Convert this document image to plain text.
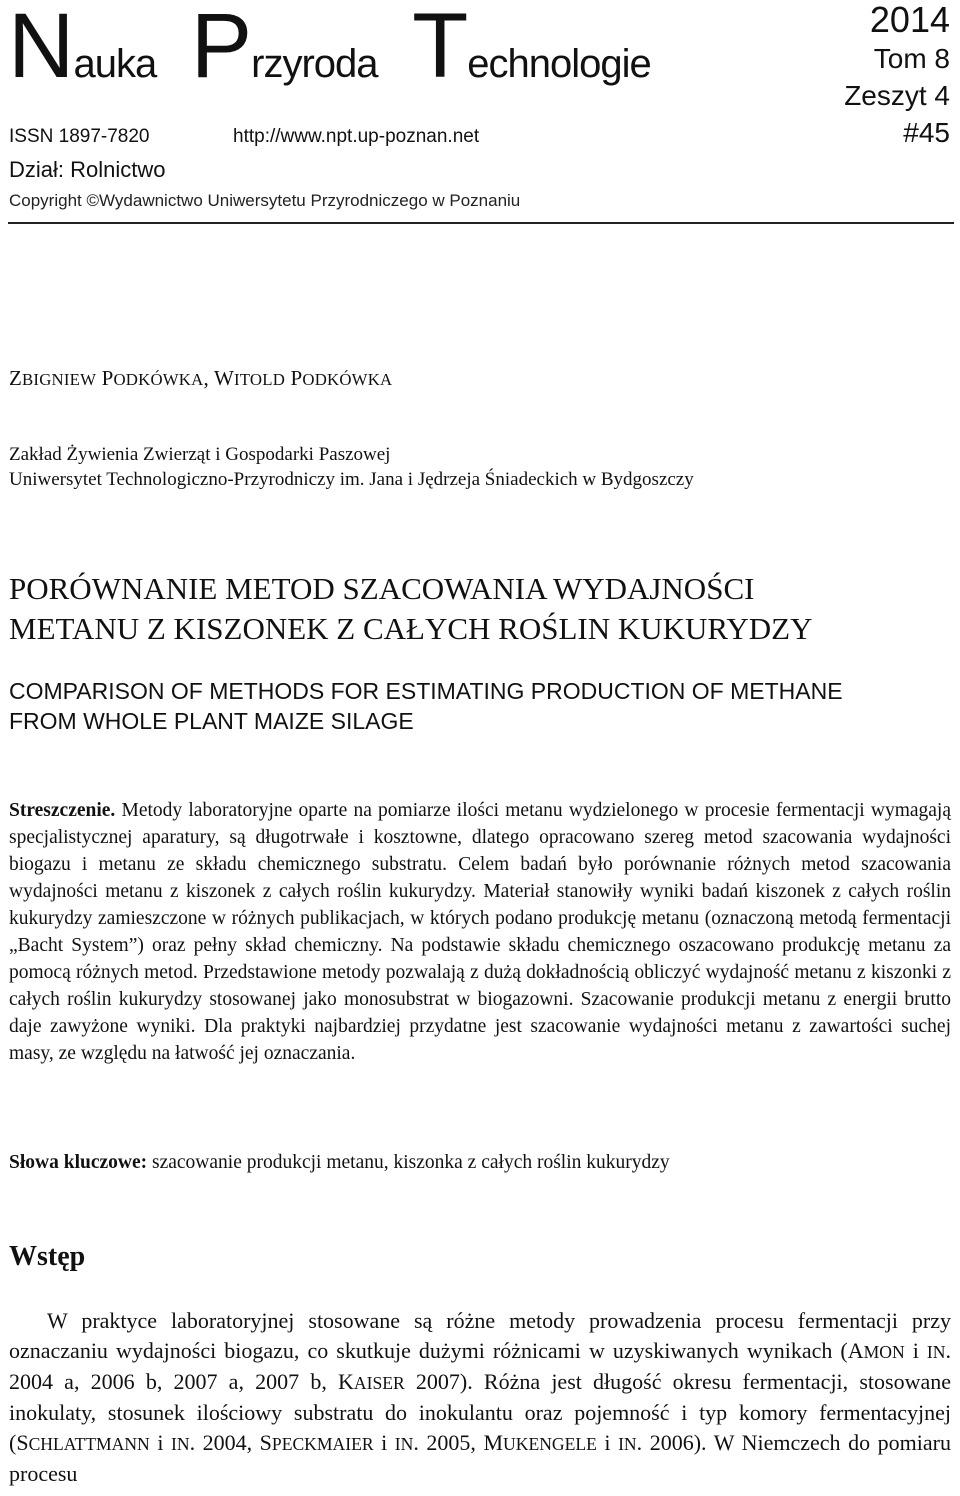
Nauka Przyroda Technologie
2014
Tom 8
Zeszyt 4
#45
ISSN 1897-7820	http://www.npt.up-poznan.net
Dział: Rolnictwo
Copyright ©Wydawnictwo Uniwersytetu Przyrodniczego w Poznaniu
ZBIGNIEW PODKÓWKA, WITOLD PODKÓWKA
Zakład Żywienia Zwierząt i Gospodarki Paszowej
Uniwersytet Technologiczno-Przyrodniczy im. Jana i Jędrzeja Śniadeckich w Bydgoszczy
PORÓWNANIE METOD SZACOWANIA WYDAJNOŚCI
METANU Z KISZONEK Z CAŁYCH ROŚLIN KUKURYDZY
COMPARISON OF METHODS FOR ESTIMATING PRODUCTION OF METHANE
FROM WHOLE PLANT MAIZE SILAGE
Streszczenie. Metody laboratoryjne oparte na pomiarze ilości metanu wydzielonego w procesie fermentacji wymagają specjalistycznej aparatury, są długotrwałe i kosztowne, dlatego opracowano szereg metod szacowania wydajności biogazu i metanu ze składu chemicznego substratu. Celem badań było porównanie różnych metod szacowania wydajności metanu z kiszonek z całych roślin kukurydzy. Materiał stanowiły wyniki badań kiszonek z całych roślin kukurydzy zamieszczone w różnych publikacjach, w których podano produkcję metanu (oznaczoną metodą fermentacji „Bacht System”) oraz pełny skład chemiczny. Na podstawie składu chemicznego oszacowano produkcję metanu za pomocą różnych metod. Przedstawione metody pozwalają z dużą dokładnością obliczyć wydajność metanu z kiszonki z całych roślin kukurydzy stosowanej jako monosubstrat w biogazowni. Szacowanie produkcji metanu z energii brutto daje zawyżone wyniki. Dla praktyki najbardziej przydatne jest szacowanie wydajności metanu z zawartości suchej masy, ze względu na łatwość jej oznaczania.
Słowa kluczowe: szacowanie produkcji metanu, kiszonka z całych roślin kukurydzy
Wstęp
W praktyce laboratoryjnej stosowane są różne metody prowadzenia procesu fermentacji przy oznaczaniu wydajności biogazu, co skutkuje dużymi różnicami w uzyskiwanych wynikach (AMON i IN. 2004 a, 2006 b, 2007 a, 2007 b, KAISER 2007). Różna jest długość okresu fermentacji, stosowane inokulaty, stosunek ilościowy substratu do inokulantu oraz pojemność i typ komory fermentacyjnej (SCHLATTMANN i IN. 2004, SPECKMAIER i IN. 2005, MUKENGELE i IN. 2006). W Niemczech do pomiaru procesu
